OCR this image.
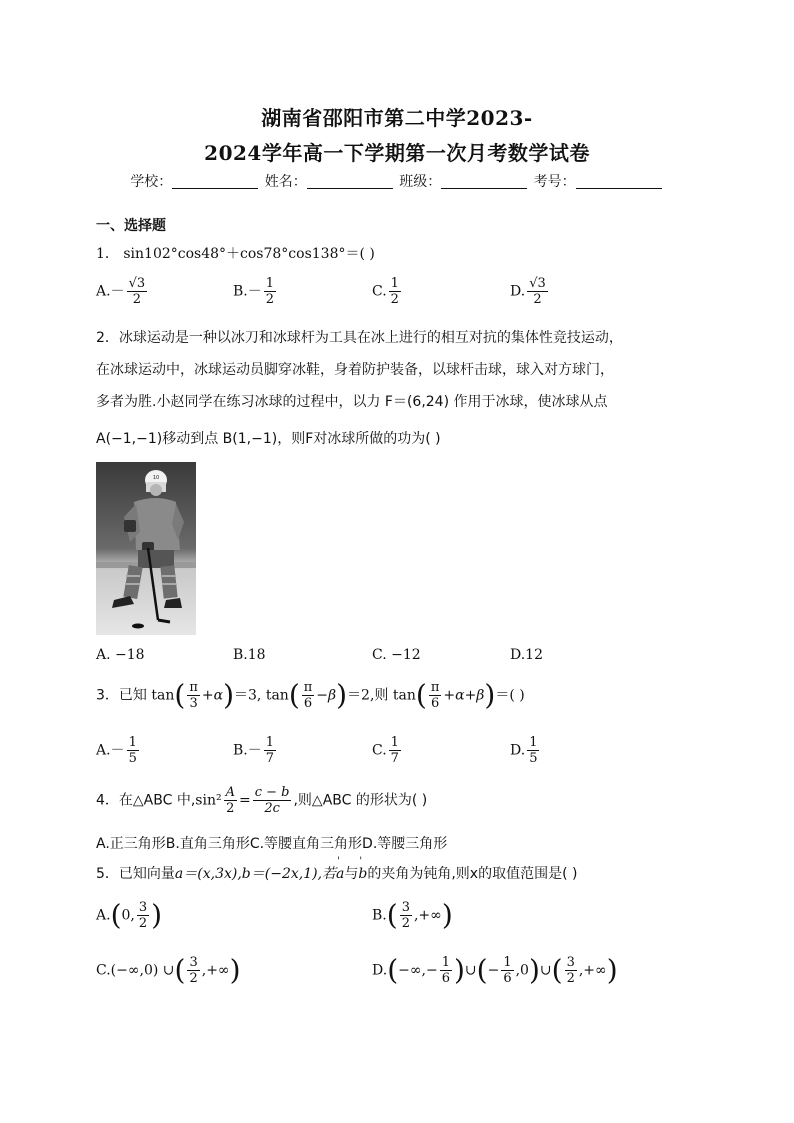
湖南省邵阳市第二中学2023-
2024学年高一下学期第一次月考数学试卷
学校：	姓名：	班级：	考号：
一、选择题
1． sin102°cos48°＋cos78°cos138°＝( )
$A.- \frac{√3}{2}$	$B.- \frac{1}{2}$	C. $\frac{1}{2}$	D. $\frac{√3}{2}$
2．冰球运动是一种以冰刀和冰球杆为工具在冰上进行的相互对抗的集体性竞技运动，
在冰球运动中，冰球运动员脚穿冰鞋，身着防护装备，以球杆击球，球入对方球门，
多者为胜.小赵同学在练习冰球的过程中，以力 F＝(6,24) 作用于冰球，使冰球从点
A(−1,−1)移动到点 B(1,−1)，则F对冰球所做的功为( )
10
A. −18	B.18	C. −12	D.12
3．已知 $\tan( \frac{\pi}{3} +\alpha)=3$, $\tan( \frac{\pi}{6} -\beta)=2$,则 $\tan( \frac{\pi}{6} +\alpha+\beta)=$( )
$A.- \frac{1}{5}$	$B.- \frac{1}{7}$	C. $\frac{1}{7}$	D. $\frac{1}{5}$
4．在△ABC 中$,\sin^2 \frac{A}{2} = \frac{c - b}{2c}$ ,则△ABC 的形状为( )
A.正三角形B.直角三角形C.等腰直角三角形D.等腰三角形
5．已知向量a＝(x,3x),b＝(−2x,1),若' a与' b的夹角为钝角,则x的取值范围是( )
A.(0, $\frac{3}{2}$ )	$B.( \frac{3}{2}$ ,+∞)
C.(−∞,0) ∪( $\frac{3}{2}$ ,+∞)	$D.(-\infty,- \frac{1}{6}$ )∪(− $\frac{1}{6}$ ,0)∪( $\frac{3}{2}$ ,+∞)
